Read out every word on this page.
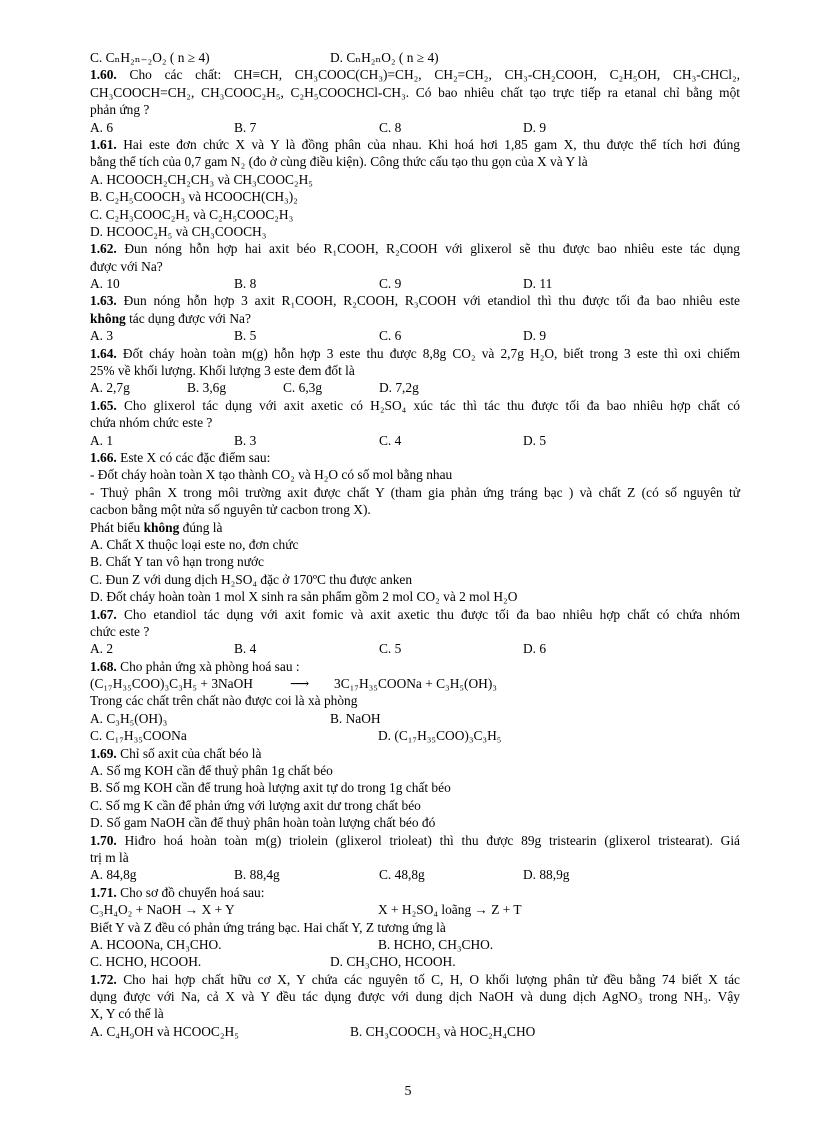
C. CₙH₂ₙ₋₂O₂ ( n ≥ 4)	D. CₙH₂ₙO₂ ( n ≥ 4)
1.60. Cho các chất: CH≡CH, CH₃COOC(CH₃)=CH₂, CH₂=CH₂, CH₃-CH₂COOH, C₂H₅OH, CH₃-CHCl₂,
CH₃COOCH=CH₂, CH₃COOC₂H₅, C₂H₅COOCHCl-CH₃. Có bao nhiêu chất tạo trực tiếp ra etanal chỉ bằng một
phản ứng ?
A. 6	B. 7	C. 8	D. 9
1.61. Hai este đơn chức X và Y là đồng phân của nhau. Khi hoá hơi 1,85 gam X, thu được thể tích hơi đúng
bằng thể tích của 0,7 gam N₂ (đo ở cùng điều kiện). Công thức cấu tạo thu gọn của X và Y là
A. HCOOCH₂CH₂CH₃ và CH₃COOC₂H₅
B. C₂H₅COOCH₃ và HCOOCH(CH₃)₂
C. C₂H₃COOC₂H₅ và C₂H₅COOC₂H₃
D. HCOOC₂H₅ và CH₃COOCH₃
1.62. Đun nóng hỗn hợp hai axit béo R₁COOH, R₂COOH với glixerol sẽ thu được bao nhiêu este tác dụng
được với Na?
A. 10	B. 8	C. 9	D. 11
1.63. Đun nóng hỗn hợp 3 axit R₁COOH, R₂COOH, R₃COOH với etandiol thì thu được tối đa bao nhiêu este
không tác dụng được với Na?
A. 3	B. 5	C. 6	D. 9
1.64. Đốt cháy hoàn toàn m(g) hỗn hợp 3 este thu được 8,8g CO₂ và 2,7g H₂O, biết trong 3 este thì oxi chiếm
25% về khối lượng. Khối lượng 3 este đem đốt là
A. 2,7g	B. 3,6g	C. 6,3g	D. 7,2g
1.65. Cho glixerol tác dụng với axit axetic có H₂SO₄ xúc tác thì tác thu được tối đa bao nhiêu hợp chất có
chứa nhóm chức este ?
A. 1	B. 3	C. 4	D. 5
1.66. Este X có các đặc điểm sau:
- Đốt cháy hoàn toàn X tạo thành CO₂ và H₂O có số mol bằng nhau
- Thuỷ phân X trong môi trường axit được chất Y (tham gia phản ứng tráng bạc ) và chất Z (có số nguyên tử
cacbon bằng một nửa số nguyên tử cacbon trong X).
Phát biểu không đúng là
A. Chất X thuộc loại este no, đơn chức
B. Chất Y tan vô hạn trong nước
C. Đun Z với dung dịch H₂SO₄ đặc ở 170ºC thu được anken
D. Đốt cháy hoàn toàn 1 mol X sinh ra sản phẩm gồm 2 mol CO₂ và 2 mol H₂O
1.67. Cho etandiol tác dụng với axit fomic và axit axetic thu được tối đa bao nhiêu hợp chất có chứa nhóm
chức este ?
A. 2	B. 4	C. 5	D. 6
1.68. Cho phản ứng xà phòng hoá sau :
(C₁₇H₃₅COO)₃C₃H₅ + 3NaOH	⟶	3C₁₇H₃₅COONa + C₃H₅(OH)₃
Trong các chất trên chất nào được coi là xà phòng
A. C₃H₅(OH)₃	B. NaOH
C. C₁₇H₃₅COONa	D. (C₁₇H₃₅COO)₃C₃H₅
1.69. Chỉ số axit của chất béo là
A. Số mg KOH cần để thuỷ phân 1g chất béo
B. Số mg KOH cần để trung hoà lượng axit tự do trong 1g chất béo
C. Số mg K cần để phản ứng với lượng axit dư trong chất béo
D. Số gam NaOH cần để thuỷ phân hoàn toàn lượng chất béo đó
1.70. Hiđro hoá hoàn toàn m(g) triolein (glixerol trioleat) thì thu được 89g tristearin (glixerol tristearat). Giá
trị m là
A. 84,8g	B. 88,4g	C. 48,8g	D. 88,9g
1.71. Cho sơ đồ chuyển hoá sau:
C₃H₄O₂ + NaOH → X + Y	X + H₂SO₄ loãng → Z + T
Biết Y và Z đều có phản ứng tráng bạc. Hai chất Y, Z tương ứng là
A. HCOONa, CH₃CHO.	B. HCHO, CH₃CHO.
C. HCHO, HCOOH.	D. CH₃CHO, HCOOH.
1.72. Cho hai hợp chất hữu cơ X, Y chứa các nguyên tố C, H, O khối lượng phân tử đều bằng 74 biết X tác
dụng được với Na, cả X và Y đều tác dụng được với dung dịch NaOH và dung dịch AgNO₃ trong NH₃. Vậy
X, Y có thể là
A. C₄H₉OH và HCOOC₂H₅	B. CH₃COOCH₃ và HOC₂H₄CHO
5
